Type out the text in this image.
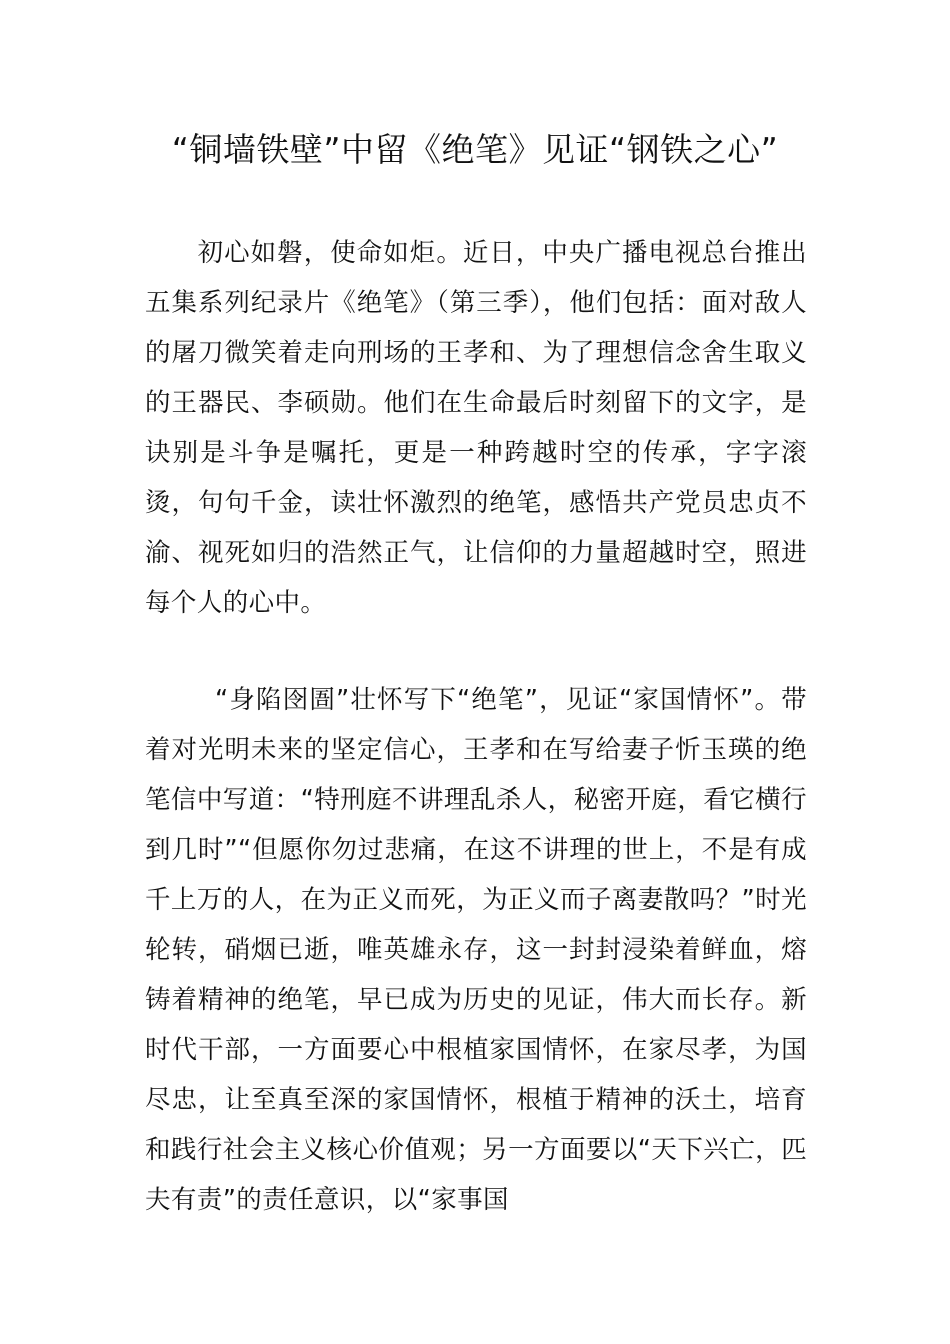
“铜墙铁壁”中留《绝笔》见证“钢铁之心”

初心如磐，使命如炬。近日，中央广播电视总台推出五集系列纪录片《绝笔》（第三季），他们包括：面对敌人的屠刀微笑着走向刑场的王孝和、为了理想信念舍生取义的王器民、李硕勋。他们在生命最后时刻留下的文字，是诀别是斗争是嘱托，更是一种跨越时空的传承，字字滚烫，句句千金，读壮怀激烈的绝笔，感悟共产党员忠贞不渝、视死如归的浩然正气，让信仰的力量超越时空，照进每个人的心中。

“身陷囹圄”壮怀写下“绝笔”，见证“家国情怀”。带着对光明未来的坚定信心，王孝和在写给妻子忻玉瑛的绝笔信中写道：“特刑庭不讲理乱杀人，秘密开庭，看它横行到几时”“但愿你勿过悲痛，在这不讲理的世上，不是有成千上万的人，在为正义而死，为正义而子离妻散吗？”时光轮转，硝烟已逝，唯英雄永存，这一封封浸染着鲜血，熔铸着精神的绝笔，早已成为历史的见证，伟大而长存。新时代干部，一方面要心中根植家国情怀，在家尽孝，为国尽忠，让至真至深的家国情怀，根植于精神的沃土，培育和践行社会主义核心价值观；另一方面要以“天下兴亡，匹夫有责”的责任意识，以“家事国
